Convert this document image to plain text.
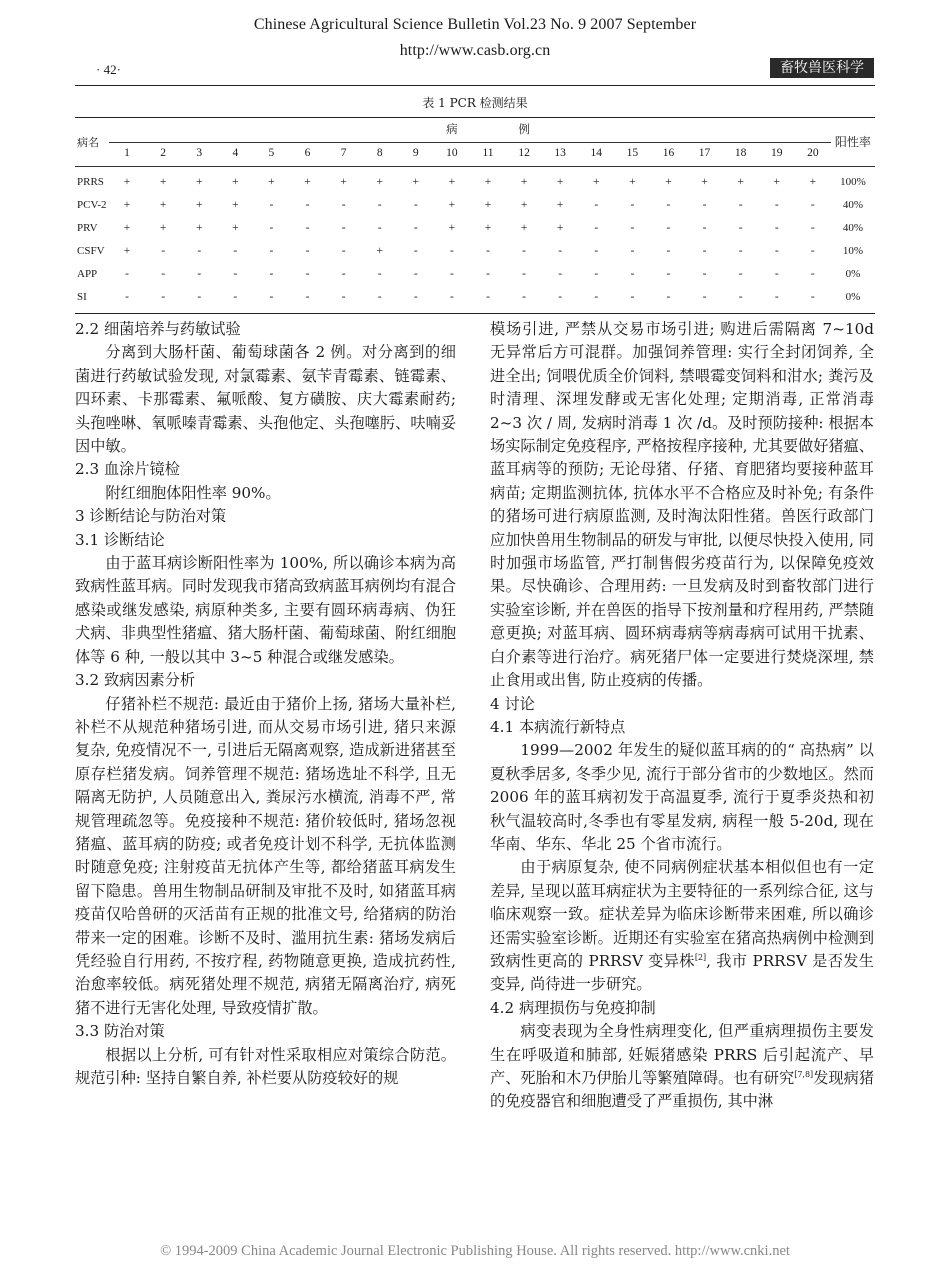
Chinese Agricultural Science Bulletin Vol.23 No. 9 2007 September
http://www.casb.org.cn
· 42·	畜牧兽医科学
表 1 PCR 检测结果
病名										病		例									阳性率
	1	2	3	4	5	6	7	8	9	10	11	12	13	14	15	16	17	18	19	20	
PRRS	+	+	+	+	+	+	+	+	+	+	+	+	+	+	+	+	+	+	+	+	100%
PCV-2	+	+	+	+	-	-	-	-	-	+	+	+	+	-	-	-	-	-	-	-	40%
PRV	+	+	+	+	-	-	-	-	-	+	+	+	+	-	-	-	-	-	-	-	40%
CSFV	+	-	-	-	-	-	-	+	-	-	-	-	-	-	-	-	-	-	-	-	10%
APP	-	-	-	-	-	-	-	-	-	-	-	-	-	-	-	-	-	-	-	-	0%
SI	-	-	-	-	-	-	-	-	-	-	-	-	-	-	-	-	-	-	-	-	0%

2.2 细菌培养与药敏试验

分离到大肠杆菌、葡萄球菌各 2 例。对分离到的细菌进行药敏试验发现, 对氯霉素、氨苄青霉素、链霉素、四环素、卡那霉素、氟哌酸、复方磺胺、庆大霉素耐药; 头孢唑啉、氧哌嗪青霉素、头孢他定、头孢噻肟、呋喃妥因中敏。

2.3 血涂片镜检

附红细胞体阳性率 90%。

3 诊断结论与防治对策

3.1 诊断结论

由于蓝耳病诊断阳性率为 100%, 所以确诊本病为高致病性蓝耳病。同时发现我市猪高致病蓝耳病例均有混合感染或继发感染, 病原种类多, 主要有圆环病毒病、伪狂犬病、非典型性猪瘟、猪大肠杆菌、葡萄球菌、附红细胞体等 6 种, 一般以其中 3~5 种混合或继发感染。

3.2 致病因素分析

仔猪补栏不规范: 最近由于猪价上扬, 猪场大量补栏, 补栏不从规范种猪场引进, 而从交易市场引进, 猪只来源复杂, 免疫情况不一, 引进后无隔离观察, 造成新进猪甚至原存栏猪发病。饲养管理不规范: 猪场选址不科学, 且无隔离无防护, 人员随意出入, 粪尿污水横流, 消毒不严, 常规管理疏忽等。免疫接种不规范: 猪价较低时, 猪场忽视猪瘟、蓝耳病的防疫; 或者免疫计划不科学, 无抗体监测时随意免疫; 注射疫苗无抗体产生等, 都给猪蓝耳病发生留下隐患。兽用生物制品研制及审批不及时, 如猪蓝耳病疫苗仅哈兽研的灭活苗有正规的批准文号, 给猪病的防治带来一定的困难。诊断不及时、滥用抗生素: 猪场发病后凭经验自行用药, 不按疗程, 药物随意更换, 造成抗药性, 治愈率较低。病死猪处理不规范, 病猪无隔离治疗, 病死猪不进行无害化处理, 导致疫情扩散。

3.3 防治对策

根据以上分析, 可有针对性采取相应对策综合防范。规范引种: 坚持自繁自养, 补栏要从防疫较好的规

模场引进, 严禁从交易市场引进; 购进后需隔离 7~10d 无异常后方可混群。加强饲养管理: 实行全封闭饲养, 全进全出; 饲喂优质全价饲料, 禁喂霉变饲料和泔水; 粪污及时清理、深埋发酵或无害化处理; 定期消毒, 正常消毒 2~3 次 / 周, 发病时消毒 1 次 /d。及时预防接种: 根据本场实际制定免疫程序, 严格按程序接种, 尤其要做好猪瘟、蓝耳病等的预防; 无论母猪、仔猪、育肥猪均要接种蓝耳病苗; 定期监测抗体, 抗体水平不合格应及时补免; 有条件的猪场可进行病原监测, 及时淘汰阳性猪。兽医行政部门应加快兽用生物制品的研发与审批, 以便尽快投入使用, 同时加强市场监管, 严打制售假劣疫苗行为, 以保障免疫效果。尽快确诊、合理用药: 一旦发病及时到畜牧部门进行实验室诊断, 并在兽医的指导下按剂量和疗程用药, 严禁随意更换; 对蓝耳病、圆环病毒病等病毒病可试用干扰素、白介素等进行治疗。病死猪尸体一定要进行焚烧深埋, 禁止食用或出售, 防止疫病的传播。

4 讨论

4.1 本病流行新特点

1999—2002 年发生的疑似蓝耳病的的“ 高热病” 以夏秋季居多, 冬季少见, 流行于部分省市的少数地区。然而 2006 年的蓝耳病初发于高温夏季, 流行于夏季炎热和初秋气温较高时,冬季也有零星发病, 病程一般 5-20d, 现在华南、华东、华北 25 个省市流行。

由于病原复杂, 使不同病例症状基本相似但也有一定差异, 呈现以蓝耳病症状为主要特征的一系列综合征, 这与临床观察一致。症状差异为临床诊断带来困难, 所以确诊还需实验室诊断。近期还有实验室在猪高热病例中检测到致病性更高的 PRRSV 变异株[2], 我市 PRRSV 是否发生变异, 尚待进一步研究。

4.2 病理损伤与免疫抑制

病变表现为全身性病理变化, 但严重病理损伤主要发生在呼吸道和肺部, 妊娠猪感染 PRRS 后引起流产、早产、死胎和木乃伊胎儿等繁殖障碍。也有研究[7,8]发现病猪的免疫器官和细胞遭受了严重损伤, 其中淋

© 1994-2009 China Academic Journal Electronic Publishing House. All rights reserved. http://www.cnki.net
